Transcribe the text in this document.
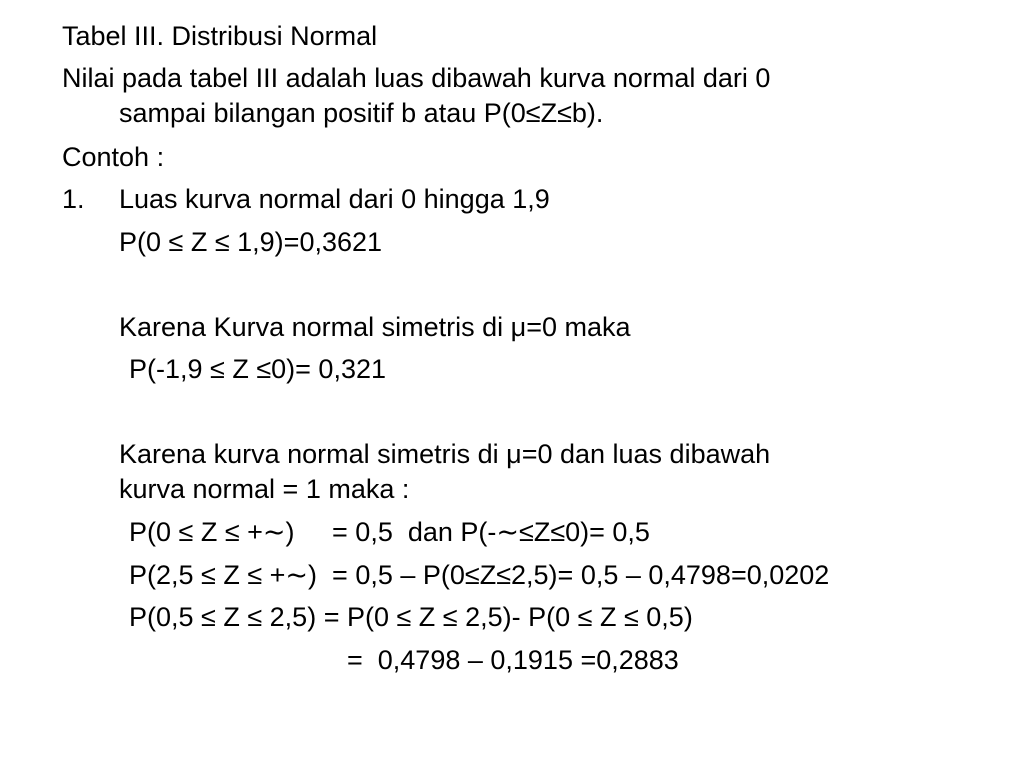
Tabel III. Distribusi Normal
Nilai pada tabel III adalah luas dibawah kurva normal dari 0
sampai bilangan positif b atau P(0≤Z≤b).
Contoh :
1. Luas kurva normal dari 0 hingga 1,9
P(0 ≤ Z ≤ 1,9)=0,3621
Karena Kurva normal simetris di μ=0 maka
P(-1,9 ≤ Z ≤0)= 0,321
Karena kurva normal simetris di μ=0 dan luas dibawah
kurva normal = 1 maka :
P(0 ≤ Z ≤ +∼)     = 0,5  dan P(-∼≤Z≤0)= 0,5
P(2,5 ≤ Z ≤ +∼)  = 0,5 – P(0≤Z≤2,5)= 0,5 – 0,4798=0,0202
P(0,5 ≤ Z ≤ 2,5) = P(0 ≤ Z ≤ 2,5)- P(0 ≤ Z ≤ 0,5)
=  0,4798 – 0,1915 =0,2883
